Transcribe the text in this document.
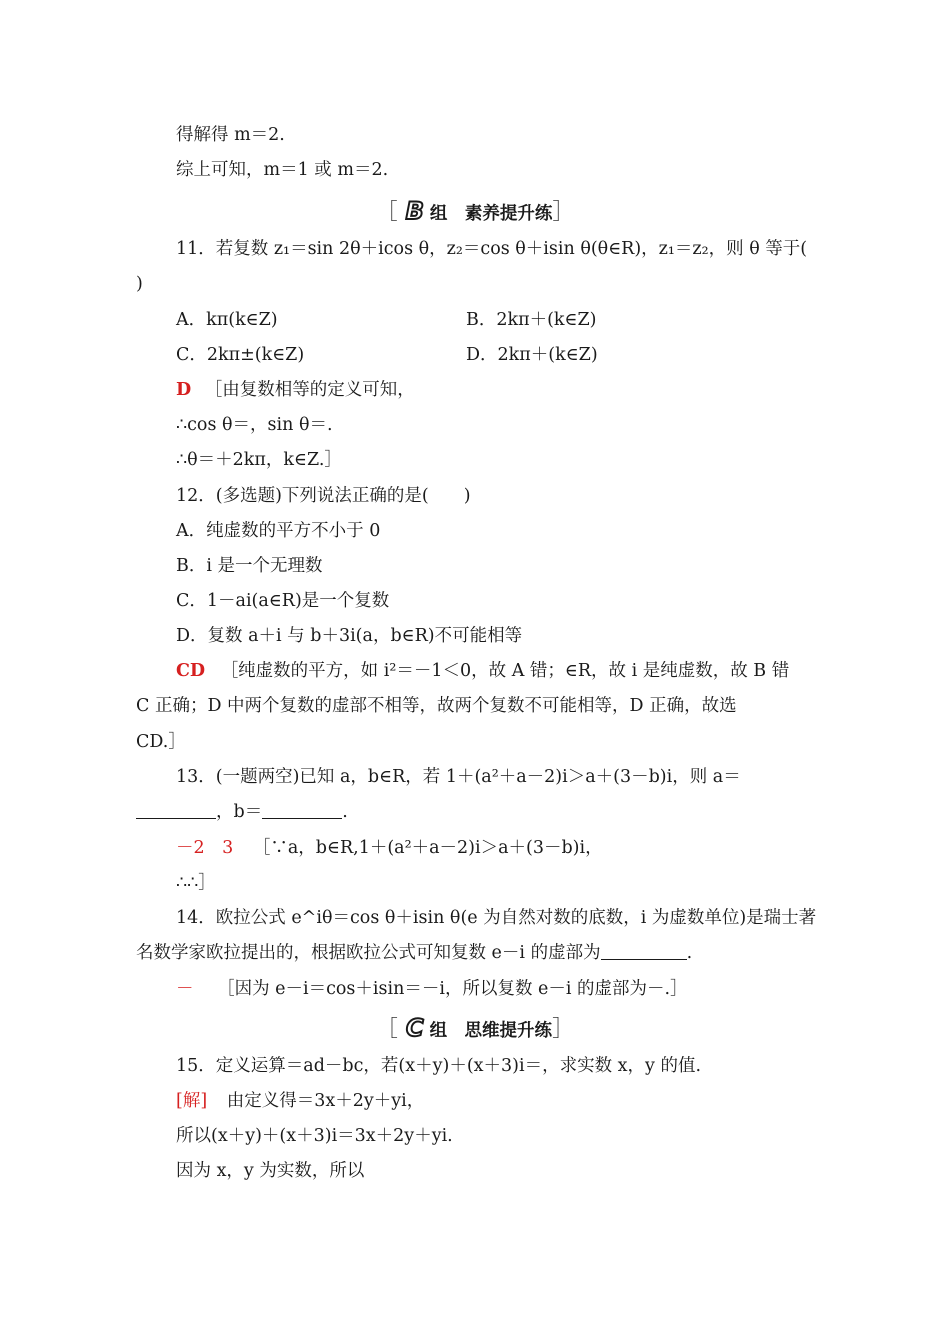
得解得 m＝2.
综上可知，m＝1 或 m＝2.
［ B 组　素养提升练］
11．若复数 z₁＝sin 2θ＋icos θ，z₂＝cos θ＋isin θ(θ∈R)，z₁＝z₂，则 θ 等于(
)
A．kπ(k∈Z)	B．2kπ＋(k∈Z)
C．2kπ±(k∈Z)	D．2kπ＋(k∈Z)
D ［由复数相等的定义可知，
∴cos θ＝，sin θ＝.
∴θ＝＋2kπ，k∈Z.］
12．(多选题)下列说法正确的是(　　)
A．纯虚数的平方不小于 0
B．i 是一个无理数
C．1－ai(a∈R)是一个复数
D．复数 a＋i 与 b＋3i(a，b∈R)不可能相等
CD ［纯虚数的平方，如 i²＝－1＜0，故 A 错；∈R，故 i 是纯虚数，故 B 错
C 正确；D 中两个复数的虚部不相等，故两个复数不可能相等，D 正确，故选
CD.］
13．(一题两空)已知 a，b∈R，若 1＋(a²＋a－2)i＞a＋(3－b)i，则 a＝
，b＝	.
－2　3 ［∵a，b∈R,1＋(a²＋a－2)i＞a＋(3－b)i，
∴∴］
14．欧拉公式 e^iθ＝cos θ＋isin θ(e 为自然对数的底数，i 为虚数单位)是瑞士著
名数学家欧拉提出的，根据欧拉公式可知复数 e－i 的虚部为	.
－ ［因为 e－i＝cos＋isin＝－i，所以复数 e－i 的虚部为－.］
［ C 组　思维提升练］
15．定义运算＝ad－bc，若(x＋y)＋(x＋3)i＝，求实数 x，y 的值.
[解] 由定义得＝3x＋2y＋yi，
所以(x＋y)＋(x＋3)i＝3x＋2y＋yi.
因为 x，y 为实数，所以
